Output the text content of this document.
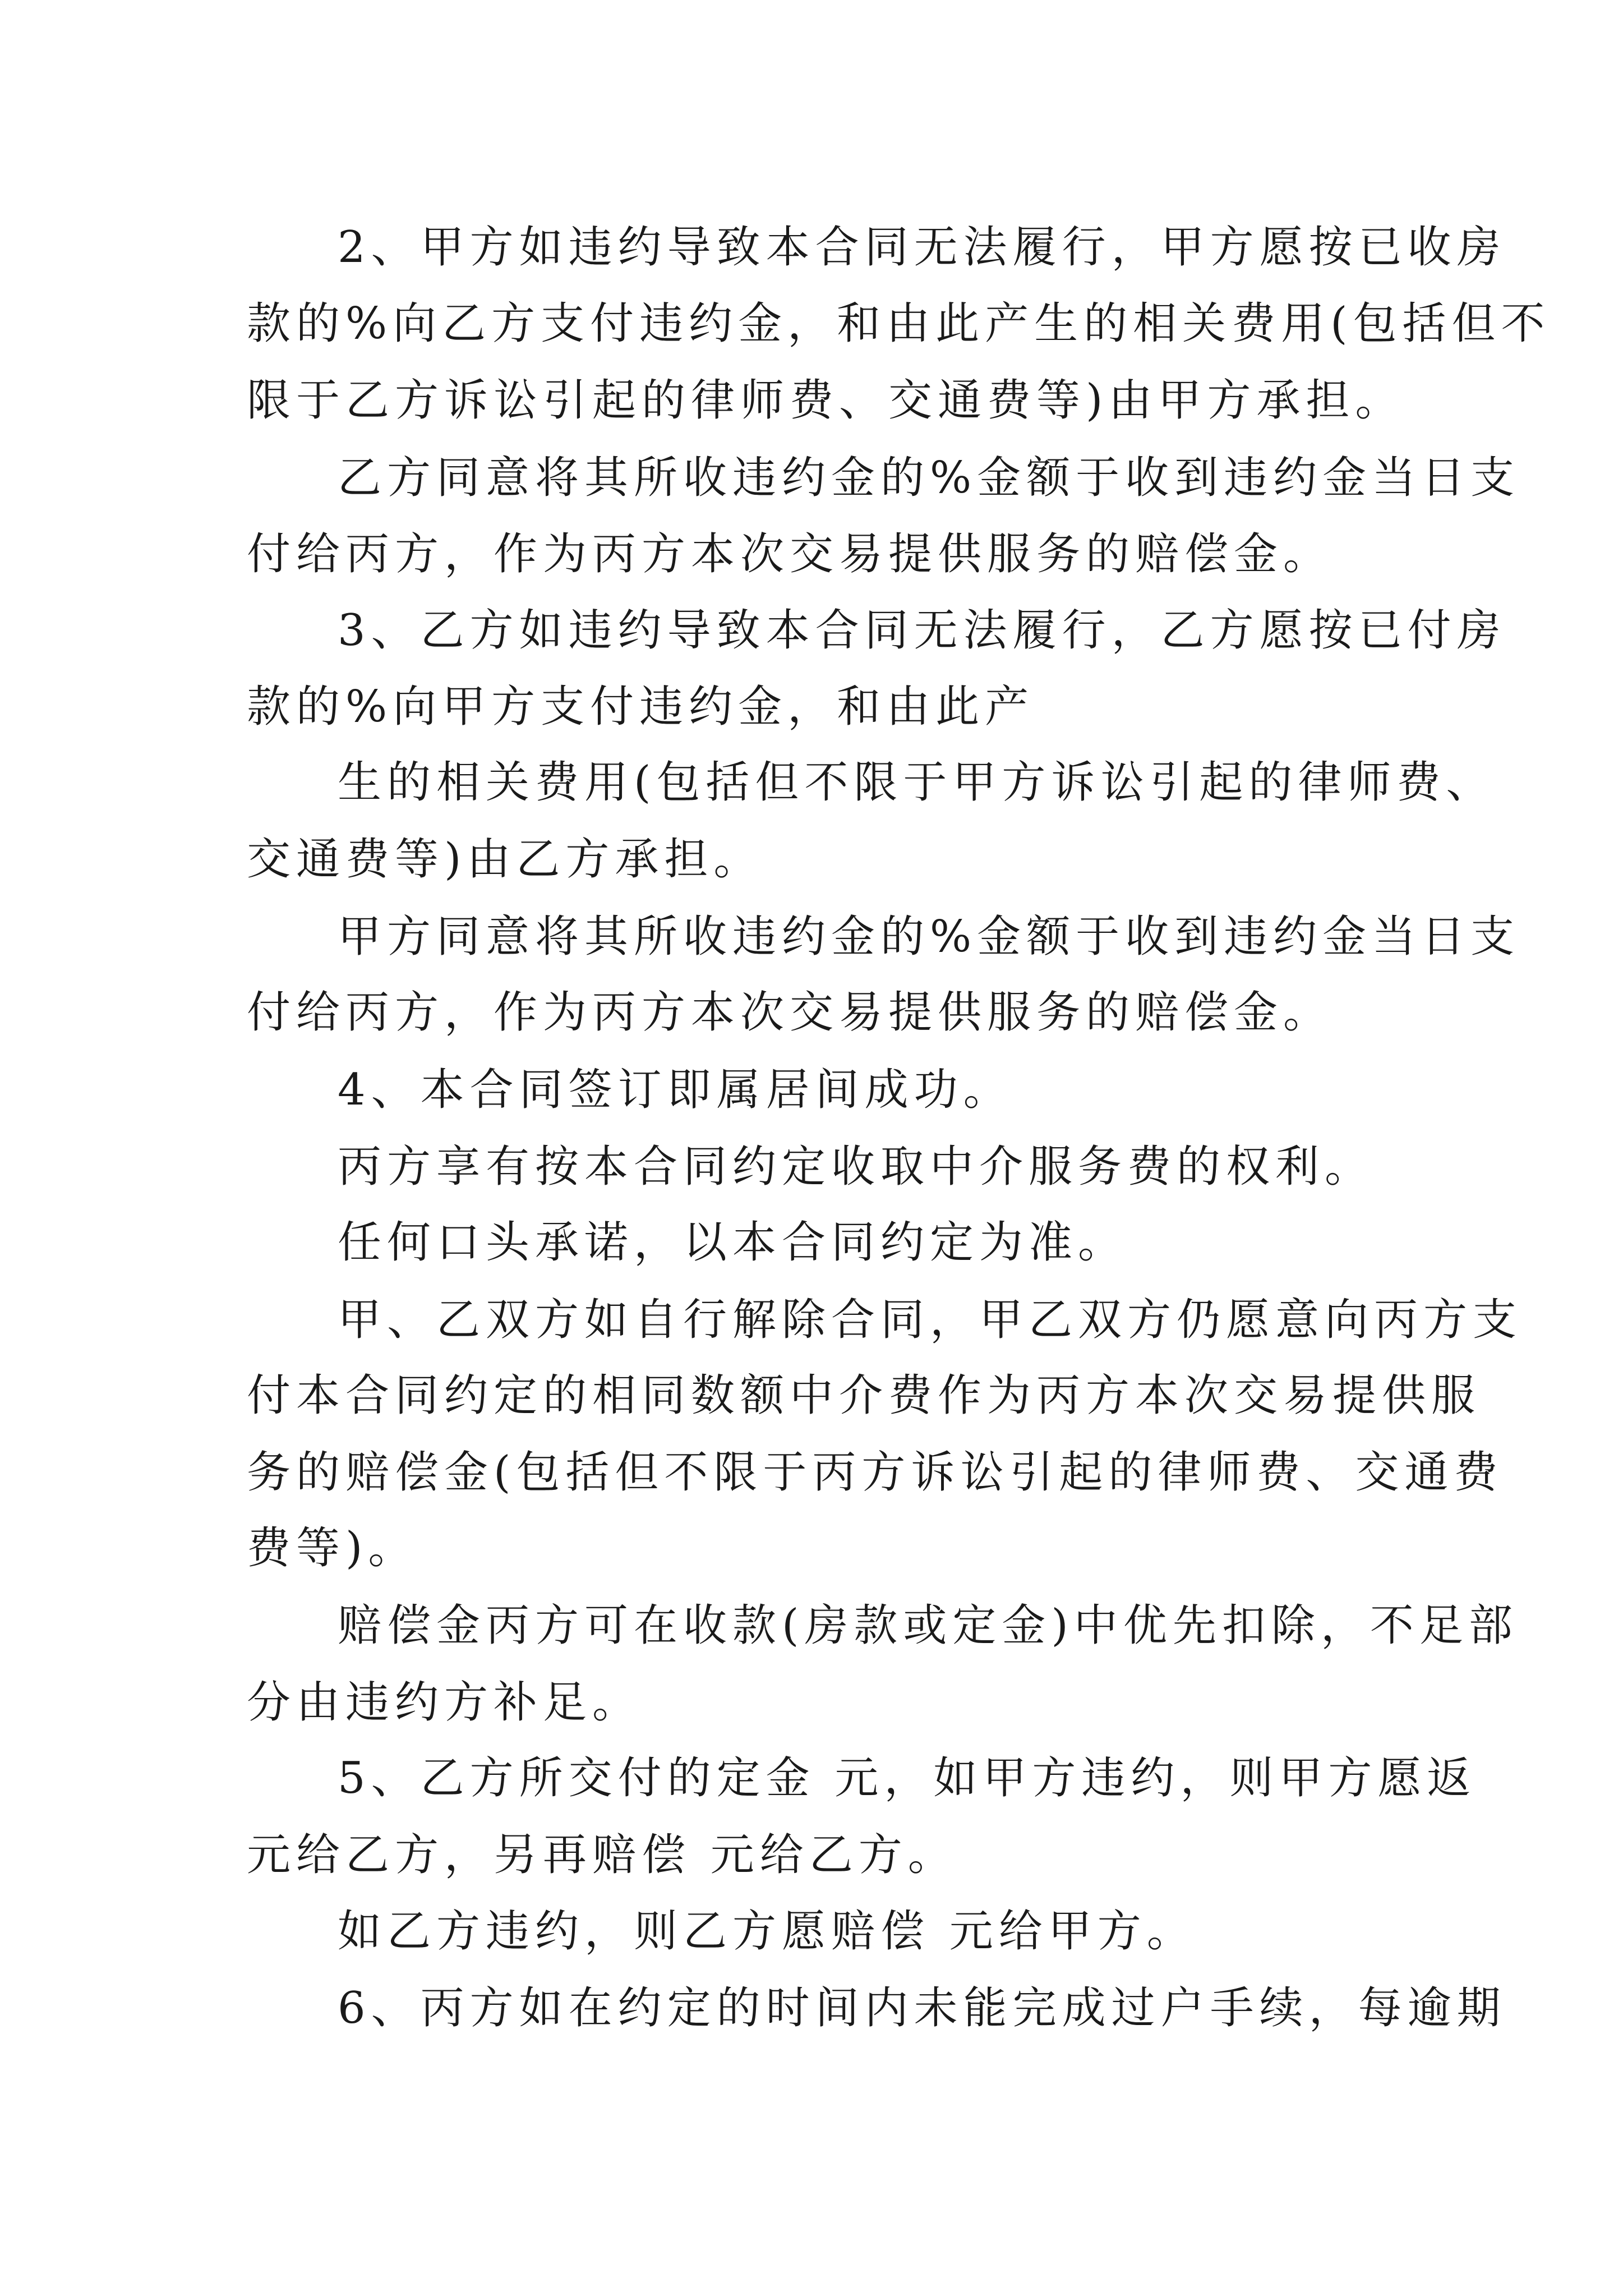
2、甲方如违约导致本合同无法履行，甲方愿按已收房
款的%向乙方支付违约金，和由此产生的相关费用(包括但不
限于乙方诉讼引起的律师费、交通费等)由甲方承担。
乙方同意将其所收违约金的%金额于收到违约金当日支
付给丙方，作为丙方本次交易提供服务的赔偿金。
3、乙方如违约导致本合同无法履行，乙方愿按已付房
款的%向甲方支付违约金，和由此产
生的相关费用(包括但不限于甲方诉讼引起的律师费、
交通费等)由乙方承担。
甲方同意将其所收违约金的%金额于收到违约金当日支
付给丙方，作为丙方本次交易提供服务的赔偿金。
4、本合同签订即属居间成功。
丙方享有按本合同约定收取中介服务费的权利。
任何口头承诺，以本合同约定为准。
甲、乙双方如自行解除合同，甲乙双方仍愿意向丙方支
付本合同约定的相同数额中介费作为丙方本次交易提供服
务的赔偿金(包括但不限于丙方诉讼引起的律师费、交通费
费等)。
赔偿金丙方可在收款(房款或定金)中优先扣除，不足部
分由违约方补足。
5、乙方所交付的定金 元，如甲方违约，则甲方愿返
元给乙方，另再赔偿 元给乙方。
如乙方违约，则乙方愿赔偿 元给甲方。
6、丙方如在约定的时间内未能完成过户手续，每逾期
